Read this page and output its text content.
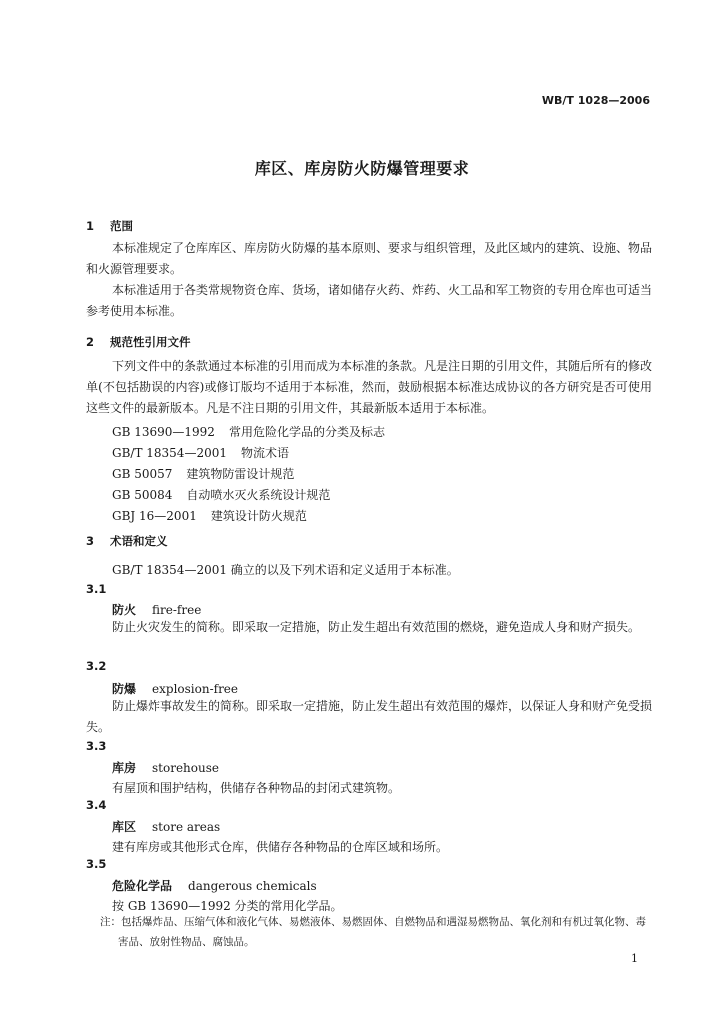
WB/T 1028—2006
库区、库房防火防爆管理要求
1 范围
本标准规定了仓库库区、库房防火防爆的基本原则、要求与组织管理，及此区域内的建筑、设施、物品和火源管理要求。
本标准适用于各类常规物资仓库、货场，诸如储存火药、炸药、火工品和军工物资的专用仓库也可适当参考使用本标准。
2 规范性引用文件
下列文件中的条款通过本标准的引用而成为本标准的条款。凡是注日期的引用文件，其随后所有的修改单(不包括勘误的内容)或修订版均不适用于本标准，然而，鼓励根据本标准达成协议的各方研究是否可使用这些文件的最新版本。凡是不注日期的引用文件，其最新版本适用于本标准。
GB 13690—1992 常用危险化学品的分类及标志
GB/T 18354—2001 物流术语
GB 50057 建筑物防雷设计规范
GB 50084 自动喷水灭火系统设计规范
GBJ 16—2001 建筑设计防火规范
3 术语和定义
GB/T 18354—2001 确立的以及下列术语和定义适用于本标准。
3.1
防火 fire-free
防止火灾发生的简称。即采取一定措施，防止发生超出有效范围的燃烧，避免造成人身和财产损失。
3.2
防爆 explosion-free
防止爆炸事故发生的简称。即采取一定措施，防止发生超出有效范围的爆炸，以保证人身和财产免受损失。
3.3
库房 storehouse
有屋顶和围护结构，供储存各种物品的封闭式建筑物。
3.4
库区 store areas
建有库房或其他形式仓库，供储存各种物品的仓库区域和场所。
3.5
危险化学品 dangerous chemicals
按 GB 13690—1992 分类的常用化学品。
注：包括爆炸品、压缩气体和液化气体、易燃液体、易燃固体、自燃物品和遇湿易燃物品、氧化剂和有机过氧化物、毒
害品、放射性物品、腐蚀品。
1
